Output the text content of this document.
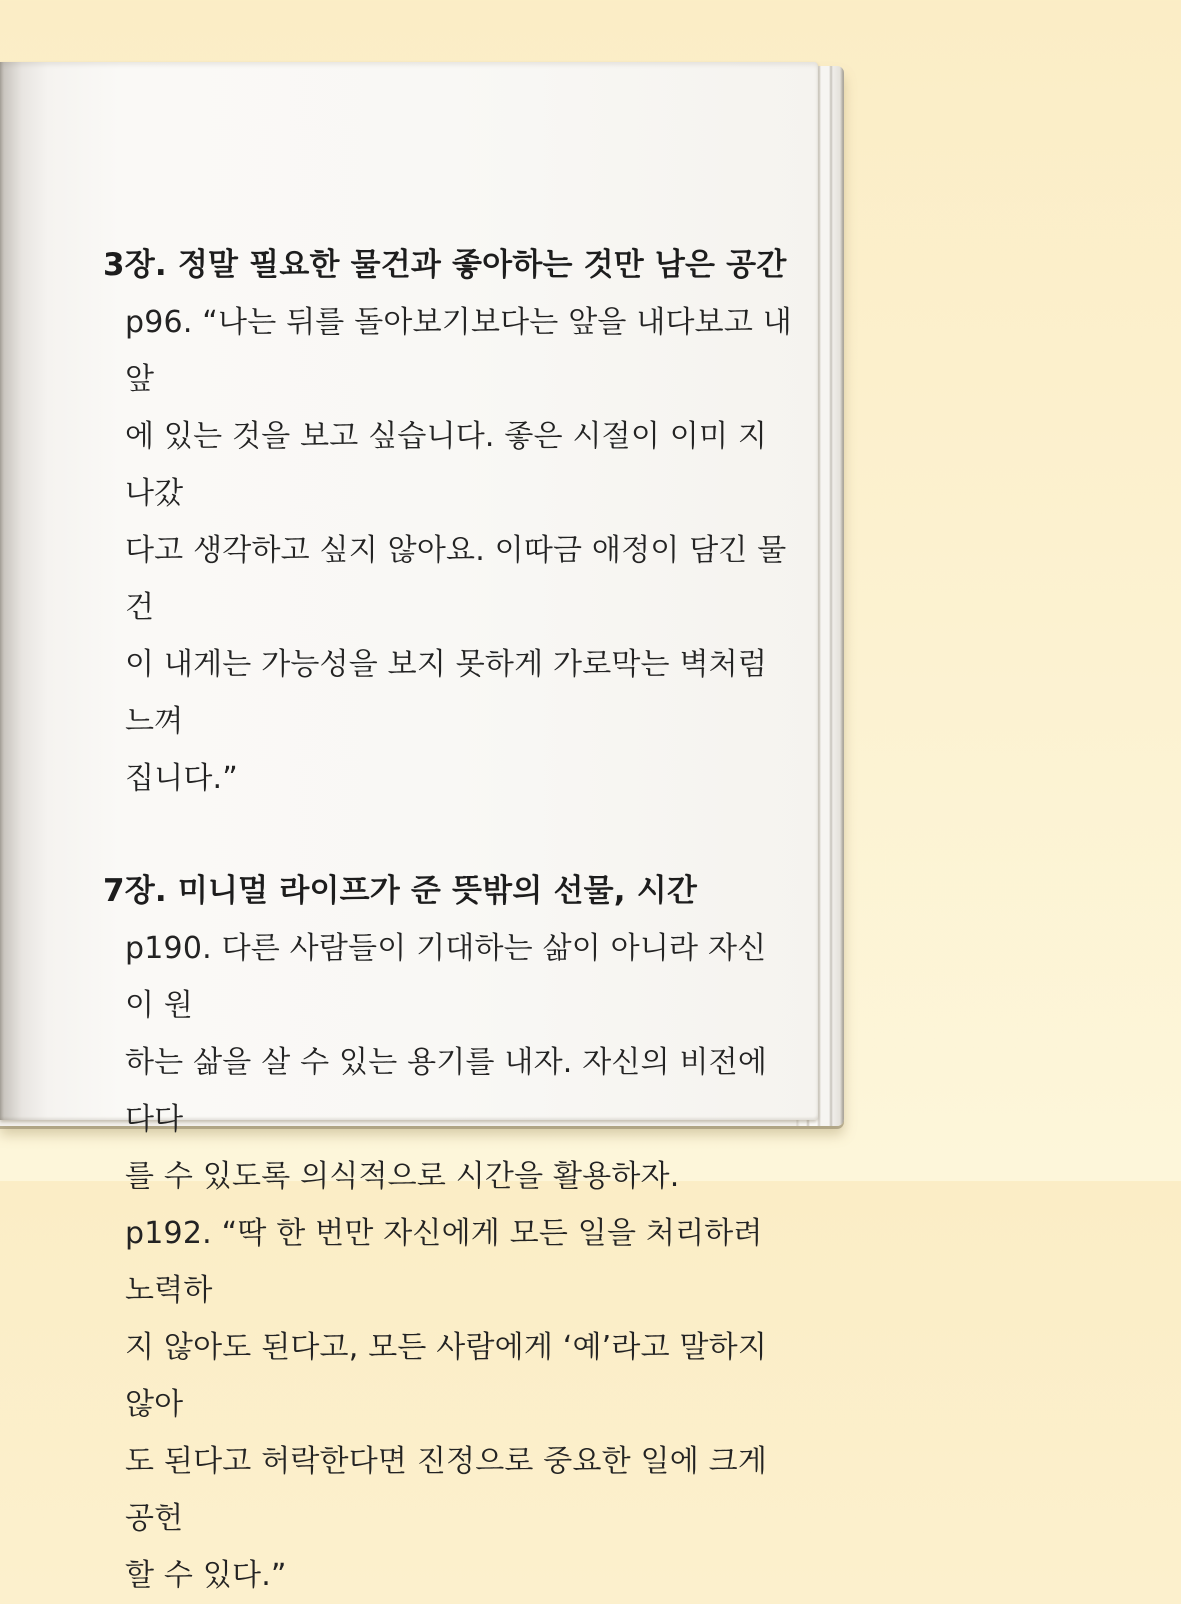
3장. 정말 필요한 물건과 좋아하는 것만 남은 공간

p96. “나는 뒤를 돌아보기보다는 앞을 내다보고 내 앞

에 있는 것을 보고 싶습니다. 좋은 시절이 이미 지나갔

다고 생각하고 싶지 않아요. 이따금 애정이 담긴 물건

이 내게는 가능성을 보지 못하게 가로막는 벽처럼 느껴

집니다.”

7장. 미니멀 라이프가 준 뜻밖의 선물, 시간

p190. 다른 사람들이 기대하는 삶이 아니라 자신이 원

하는 삶을 살 수 있는 용기를 내자. 자신의 비전에 다다

를 수 있도록 의식적으로 시간을 활용하자.

p192. “딱 한 번만 자신에게 모든 일을 처리하려 노력하

지 않아도 된다고, 모든 사람에게 ‘예’라고 말하지 않아

도 된다고 허락한다면 진정으로 중요한 일에 크게 공헌

할 수 있다.”
